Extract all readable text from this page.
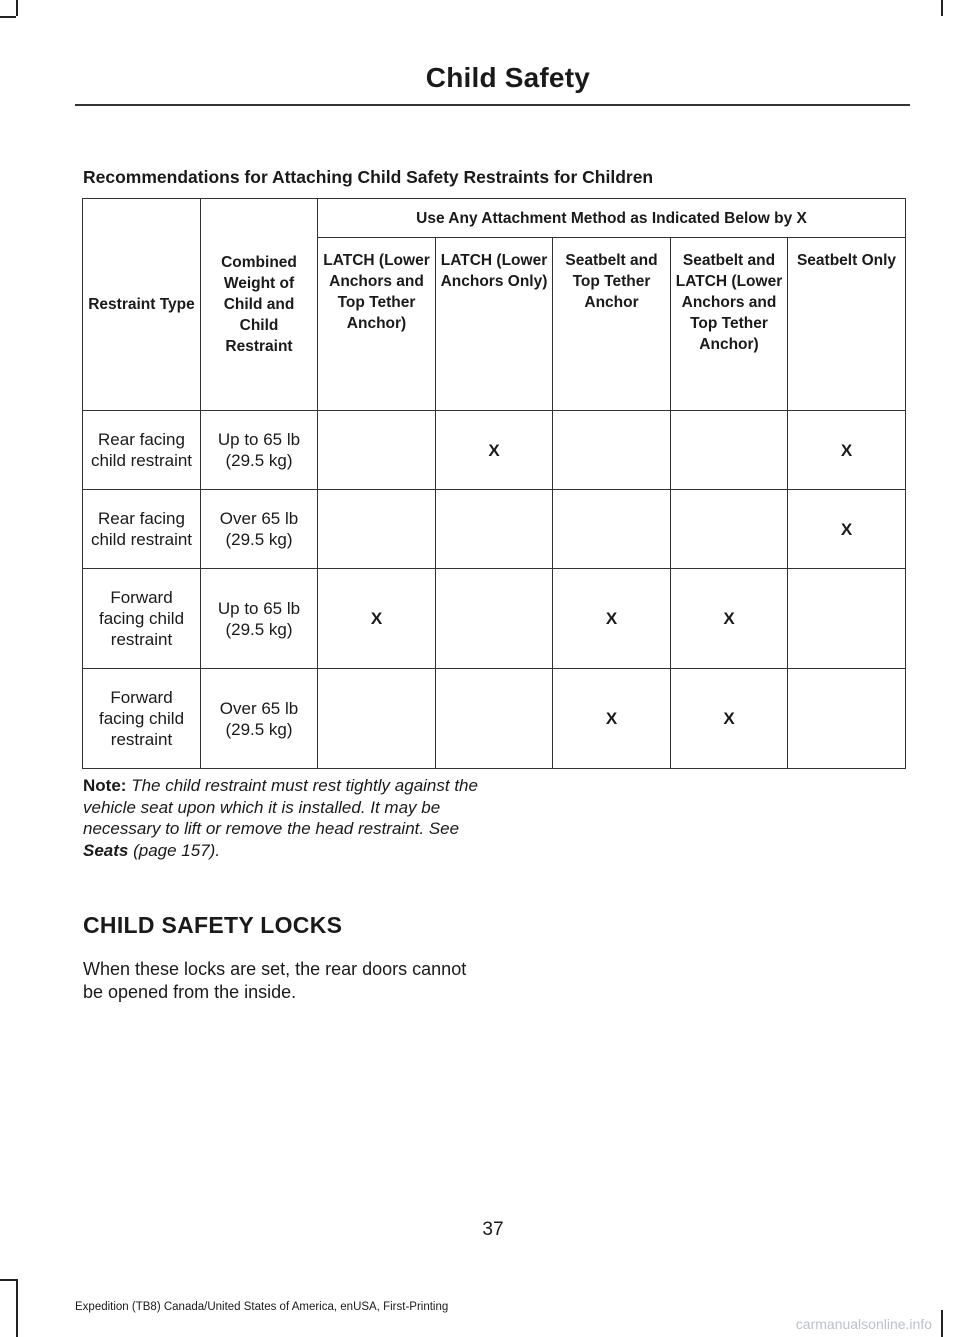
Child Safety
Recommendations for Attaching Child Safety Restraints for Children
Restraint Type	Combined Weight of Child and Child Restraint	Use Any Attachment Method as Indicated Below by X				
		LATCH (Lower Anchors and Top Tether Anchor)	LATCH (Lower Anchors Only)	Seatbelt and Top Tether Anchor	Seatbelt and LATCH (Lower Anchors and Top Tether Anchor)	Seatbelt Only
Rear facing child restraint	Up to 65 lb (29.5 kg)		X			X
Rear facing child restraint	Over 65 lb (29.5 kg)					X
Forward facing child restraint	Up to 65 lb (29.5 kg)	X		X	X	
Forward facing child restraint	Over 65 lb (29.5 kg)			X	X	
Note: The child restraint must rest tightly against the vehicle seat upon which it is installed. It may be necessary to lift or remove the head restraint. See Seats (page 157).
CHILD SAFETY LOCKS
When these locks are set, the rear doors cannot be opened from the inside.
37
Expedition (TB8) Canada/United States of America, enUSA, First-Printing
carmanualsonline.info
